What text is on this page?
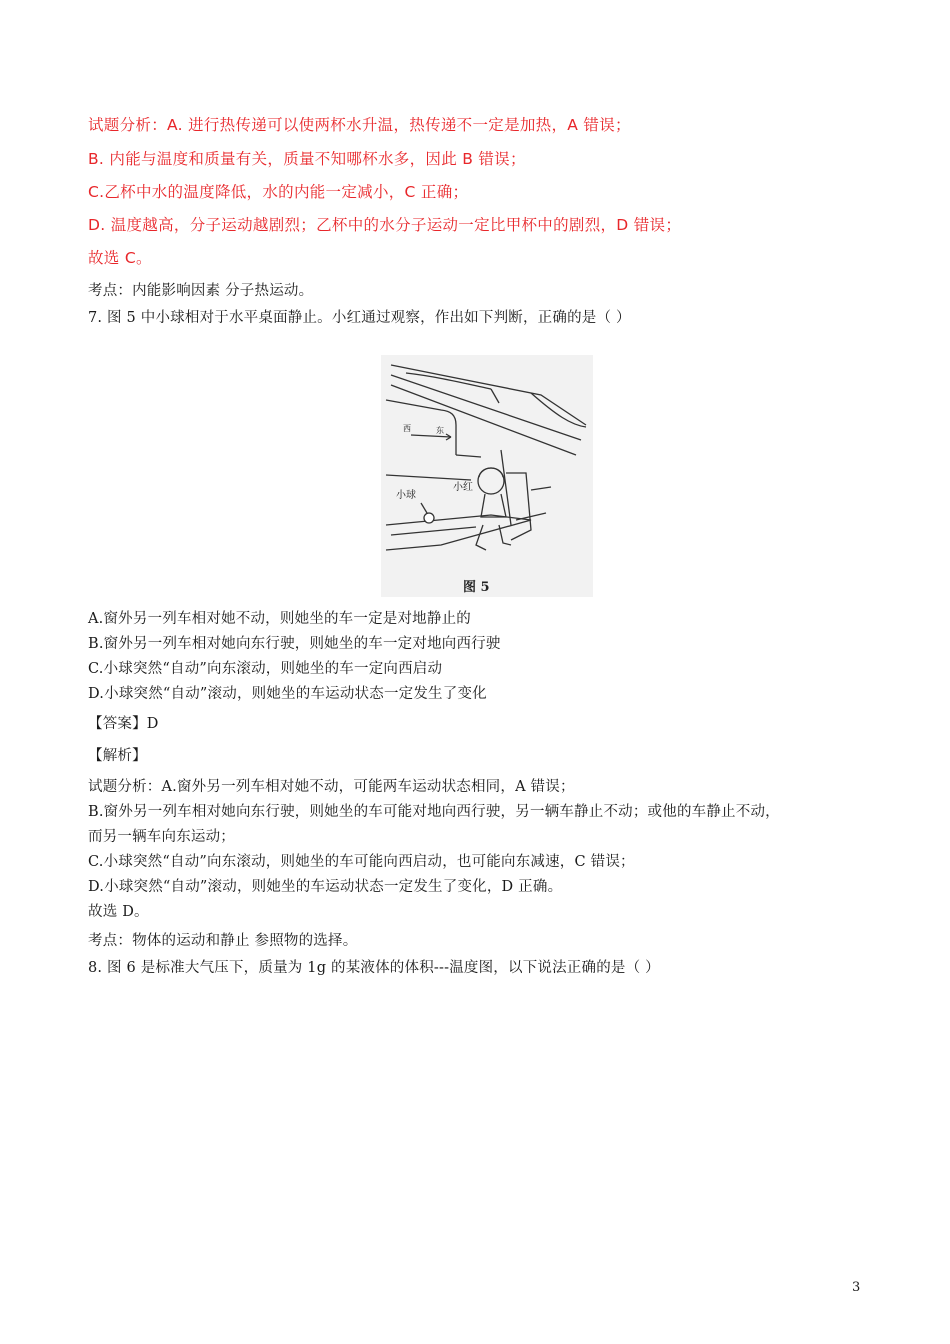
试题分析：A. 进行热传递可以使两杯水升温，热传递不一定是加热，A 错误；
B. 内能与温度和质量有关，质量不知哪杯水多，因此 B 错误；
C.乙杯中水的温度降低，水的内能一定减小，C 正确；
D. 温度越高，分子运动越剧烈；乙杯中的水分子运动一定比甲杯中的剧烈，D 错误；
故选 C。
考点：内能影响因素 分子热运动。
7. 图 5 中小球相对于水平桌面静止。小红通过观察，作出如下判断，正确的是（ ）
西	东
小球
小红
图 5
A.窗外另一列车相对她不动，则她坐的车一定是对地静止的
B.窗外另一列车相对她向东行驶，则她坐的车一定对地向西行驶
C.小球突然“自动”向东滚动，则她坐的车一定向西启动
D.小球突然“自动”滚动，则她坐的车运动状态一定发生了变化
【答案】D
【解析】
试题分析：A.窗外另一列车相对她不动，可能两车运动状态相同，A 错误；
B.窗外另一列车相对她向东行驶，则她坐的车可能对地向西行驶，另一辆车静止不动；或他的车静止不动，
而另一辆车向东运动；
C.小球突然“自动”向东滚动，则她坐的车可能向西启动，也可能向东减速，C 错误；
D.小球突然“自动”滚动，则她坐的车运动状态一定发生了变化，D 正确。
故选 D。
考点：物体的运动和静止 参照物的选择。
8. 图 6 是标准大气压下，质量为 1g 的某液体的体积---温度图，以下说法正确的是（ ）
3
